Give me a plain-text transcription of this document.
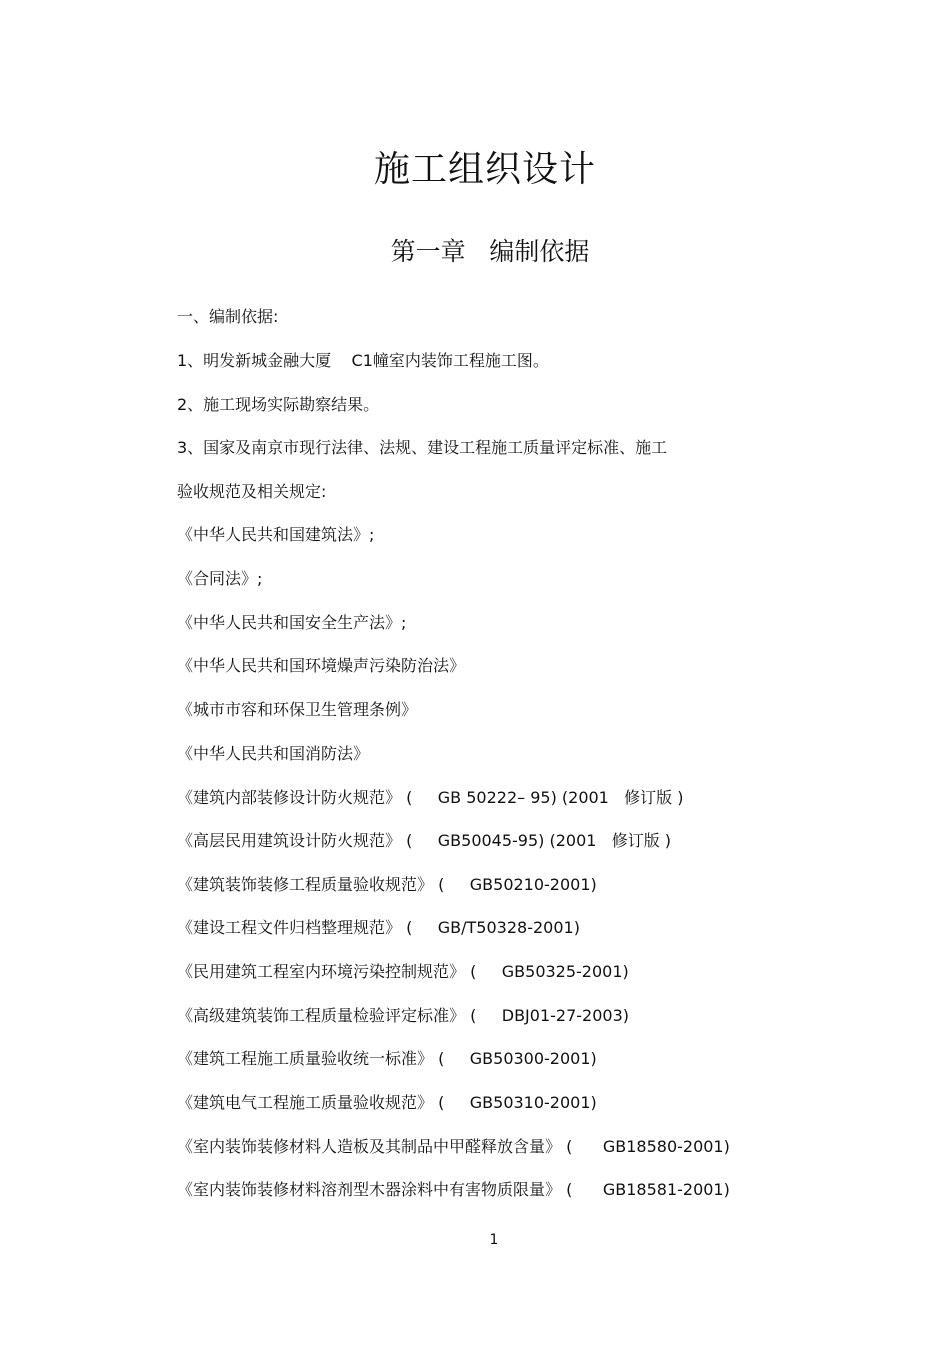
施工组织设计
第一章   编制依据

一、编制依据:

1、明发新城金融大厦    C1幢室内装饰工程施工图。

2、施工现场实际勘察结果。

3、国家及南京市现行法律、法规、建设工程施工质量评定标准、施工

验收规范及相关规定:

《中华人民共和国建筑法》;

《合同法》;

《中华人民共和国安全生产法》;

《中华人民共和国环境燥声污染防治法》

《城市市容和环保卫生管理条例》

《中华人民共和国消防法》

《建筑内部装修设计防火规范》 (     GB 50222– 95) (2001   修订版 )

《高层民用建筑设计防火规范》 (     GB50045-95) (2001   修订版 )

《建筑装饰装修工程质量验收规范》 (     GB50210-2001)

《建设工程文件归档整理规范》 (     GB/T50328-2001)

《民用建筑工程室内环境污染控制规范》 (     GB50325-2001)

《高级建筑装饰工程质量检验评定标准》 (     DBJ01-27-2003)

《建筑工程施工质量验收统一标准》 (     GB50300-2001)

《建筑电气工程施工质量验收规范》 (     GB50310-2001)

《室内装饰装修材料人造板及其制品中甲醛释放含量》 (      GB18580-2001)

《室内装饰装修材料溶剂型木器涂料中有害物质限量》 (      GB18581-2001)

1
